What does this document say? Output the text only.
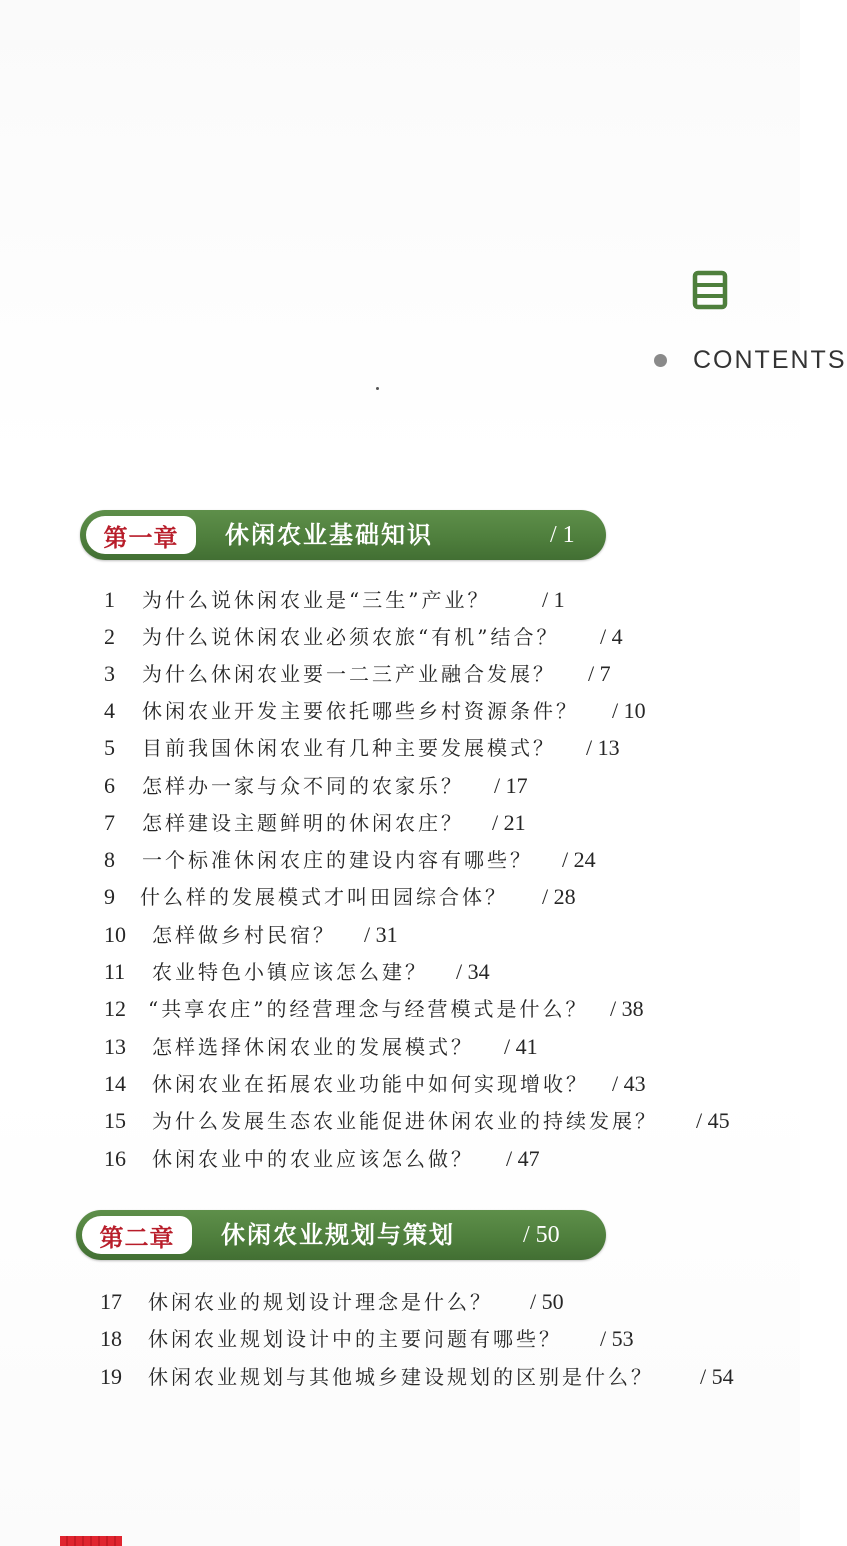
CONTENTS
第一章 休闲农业基础知识	/ 1
1 为什么说休闲农业是“三生”产业？ / 1
2 为什么说休闲农业必须农旅“有机”结合？ / 4
3 为什么休闲农业要一二三产业融合发展？ / 7
4 休闲农业开发主要依托哪些乡村资源条件？ / 10
5 目前我国休闲农业有几种主要发展模式？ / 13
6 怎样办一家与众不同的农家乐？ / 17
7 怎样建设主题鲜明的休闲农庄？ / 21
8 一个标准休闲农庄的建设内容有哪些？ / 24
9 什么样的发展模式才叫田园综合体？ / 28
10 怎样做乡村民宿？ / 31
11 农业特色小镇应该怎么建？ / 34
12 “共享农庄”的经营理念与经营模式是什么？ / 38
13 怎样选择休闲农业的发展模式？ / 41
14 休闲农业在拓展农业功能中如何实现增收？ / 43
15 为什么发展生态农业能促进休闲农业的持续发展？ / 45
16 休闲农业中的农业应该怎么做？ / 47
第二章 休闲农业规划与策划	/ 50
17 休闲农业的规划设计理念是什么？ / 50
18 休闲农业规划设计中的主要问题有哪些？ / 53
19 休闲农业规划与其他城乡建设规划的区别是什么？ / 54
